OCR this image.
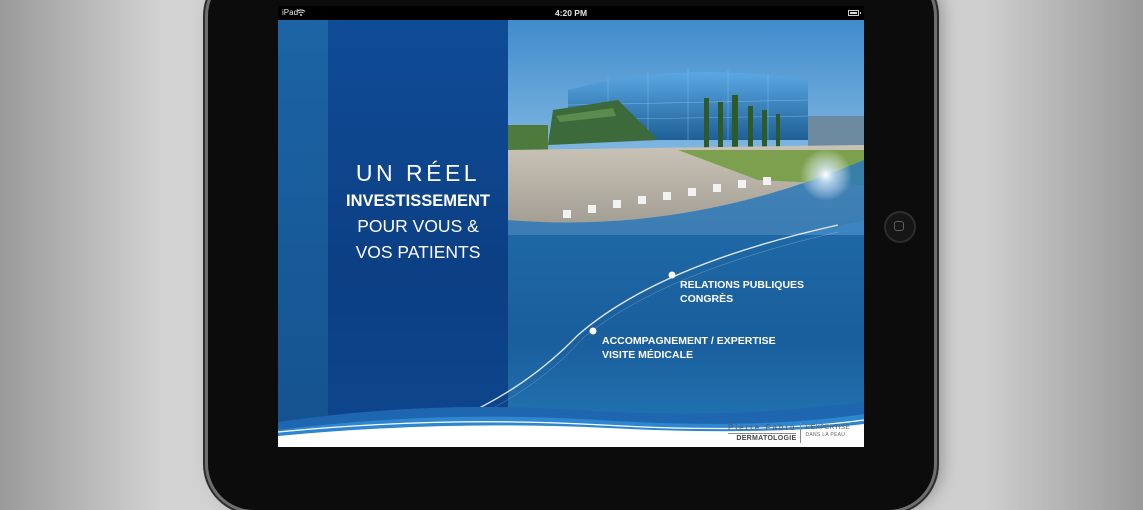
iPad	4:20 PM

UN RÉEL

INVESTISSEMENT

POUR VOUS &

VOS PATIENTS

RELATIONS PUBLIQUES
CONGRÈS
ACCOMPAGNEMENT / EXPERTISE
VISITE MÉDICALE
Pierre Fabre
DERMATOLOGIE
L'EXPERTISE
DANS LA PEAU
